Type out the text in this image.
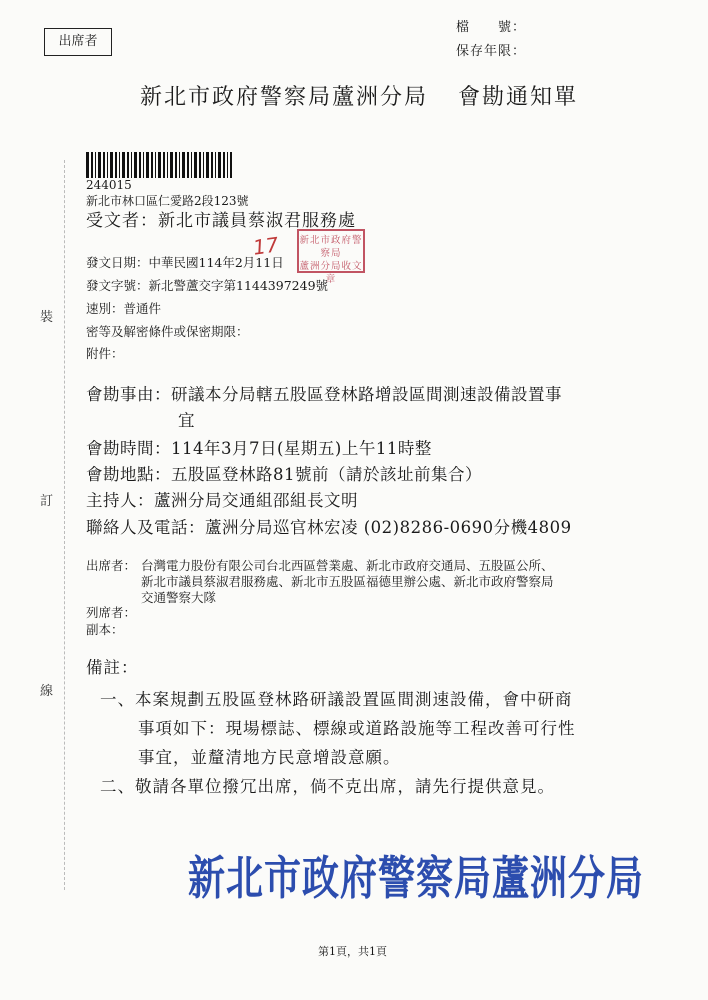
出席者
檔　　號：
保存年限：
新北市政府警察局蘆洲分局 會勘通知單
244015
新北市林口區仁愛路2段123號
受文者：新北市議員蔡淑君服務處
發文日期：中華民國114年2月11日
17 新北市政府警察局
蘆洲分局收文章
發文字號：新北警蘆交字第1144397249號
速別：普通件
密等及解密條件或保密期限：
附件：
會勘事由：研議本分局轄五股區登林路增設區間測速設備設置事
宜
會勘時間：114年3月7日(星期五)上午11時整
會勘地點：五股區登林路81號前（請於該址前集合）
主持人：蘆洲分局交通組邵組長文明
聯絡人及電話：蘆洲分局巡官林宏凌 (02)8286-0690分機4809
出席者： 台灣電力股份有限公司台北西區營業處、新北市政府交通局、五股區公所、
新北市議員蔡淑君服務處、新北市五股區福德里辦公處、新北市政府警察局
交通警察大隊
列席者：
副本：
備註：
一、本案規劃五股區登林路研議設置區間測速設備，會中研商
事項如下：現場標誌、標線或道路設施等工程改善可行性
事宜，並釐清地方民意增設意願。
二、敬請各單位撥冗出席，倘不克出席，請先行提供意見。
新北市政府警察局蘆洲分局
裝
訂
線
第1頁，共1頁
